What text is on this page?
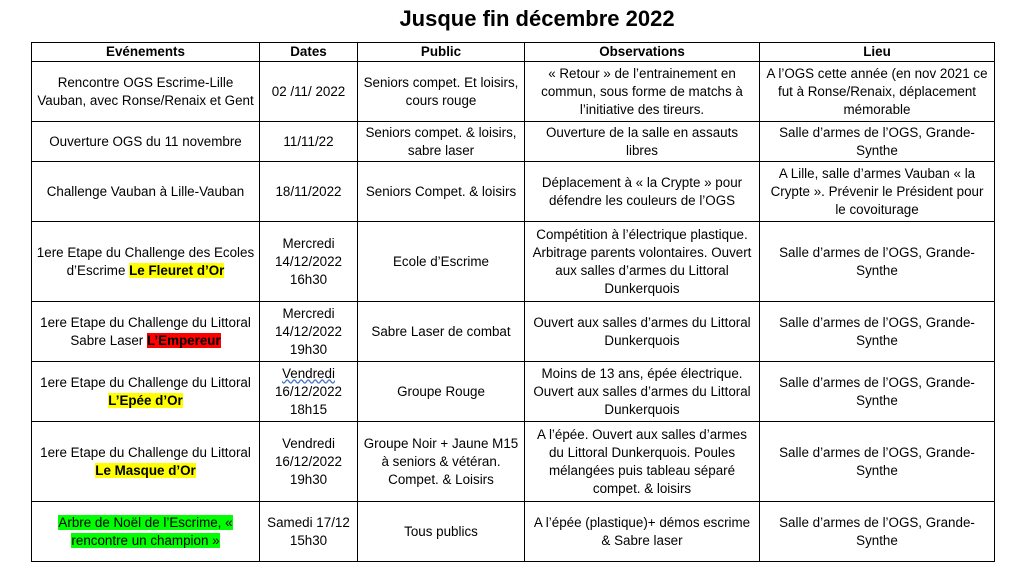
Jusque fin décembre 2022
Evénements	Dates	Public	Observations	Lieu
Rencontre OGS Escrime-Lille Vauban, avec Ronse/Renaix et Gent	02 /11/ 2022	Seniors compet. Et loisirs, cours rouge	« Retour » de l’entrainement en commun, sous forme de matchs à l’initiative des tireurs.	A l’OGS cette année (en nov 2021 ce fut à Ronse/Renaix, déplacement mémorable
Ouverture OGS du 11 novembre	11/11/22	Seniors compet. & loisirs, sabre laser	Ouverture de la salle en assauts libres	Salle d’armes de l’OGS, Grande-Synthe
Challenge Vauban à Lille-Vauban	18/11/2022	Seniors Compet. & loisirs	Déplacement à « la Crypte » pour défendre les couleurs de l’OGS	A Lille, salle d’armes Vauban « la Crypte ». Prévenir le Président pour le covoiturage
1ere Etape du Challenge des Ecoles d’Escrime Le Fleuret d’Or	Mercredi 14/12/2022 16h30	Ecole d’Escrime	Compétition à l’électrique plastique. Arbitrage parents volontaires. Ouvert aux salles d’armes du Littoral Dunkerquois	Salle d’armes de l’OGS, Grande-Synthe
1ere Etape du Challenge du Littoral Sabre Laser L’Empereur	Mercredi 14/12/2022 19h30	Sabre Laser de combat	Ouvert aux salles d’armes du Littoral Dunkerquois	Salle d’armes de l’OGS, Grande-Synthe
1ere Etape du Challenge du Littoral L’Epée d’Or	Vendredi 16/12/2022 18h15	Groupe Rouge	Moins de 13 ans, épée électrique. Ouvert aux salles d’armes du Littoral Dunkerquois	Salle d’armes de l’OGS, Grande-Synthe
1ere Etape du Challenge du Littoral Le Masque d’Or	Vendredi 16/12/2022 19h30	Groupe Noir + Jaune M15 à seniors & vétéran. Compet. & Loisirs	A l’épée. Ouvert aux salles d’armes du Littoral Dunkerquois. Poules mélangées puis tableau séparé compet. & loisirs	Salle d’armes de l’OGS, Grande-Synthe
Arbre de Noël de l’Escrime, « rencontre un champion »	Samedi 17/12 15h30	Tous publics	A l’épée (plastique)+ démos escrime & Sabre laser	Salle d’armes de l’OGS, Grande-Synthe
